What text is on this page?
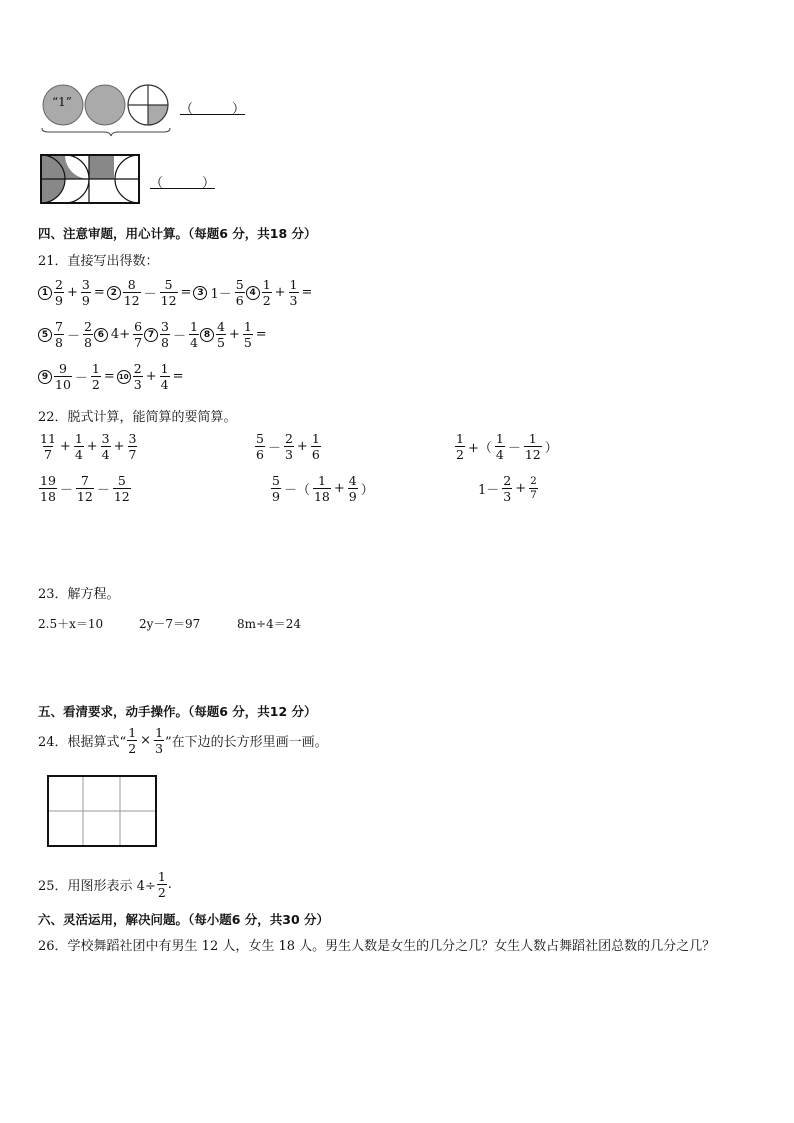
“1”	（　　　）
（　　　）
四、注意审题，用心计算。（每题6 分，共18 分）
21．直接写出得数：
$1 \frac{2}{9} + \frac{3}{9} = 2 \frac{8}{12} - \frac{5}{12} = 3$ $1- \frac{5}{6} 4 \frac{1}{2} + \frac{1}{3}$ =
$5 \frac{7}{8} - \frac{2}{8} 6$ $4+ \frac{6}{7} 7 \frac{3}{8} - \frac{1}{4} 8 \frac{4}{5} + \frac{1}{5}$ =
$9 \frac{9}{10} - \frac{1}{2} = 10 \frac{2}{3} + \frac{1}{4}$ =
22．脱式计算，能简算的要简算。
$\frac{11}{7} + \frac{1}{4} + \frac{3}{4} + \frac{3}{7}$	$\frac{5}{6} - \frac{2}{3} + \frac{1}{6}$	$\frac{1}{2}$ +（ $\frac{1}{4} - \frac{1}{12}$ ）
$\frac{19}{18} - \frac{7}{12} - \frac{5}{12}$	$\frac{5}{9}$ －（ $\frac{1}{18} + \frac{4}{9}$ ）	$1- \frac{2}{3} + \frac{2}{7}$
23．解方程。
2.5＋x＝10	2y－7＝97	8m÷4＝24
五、看清要求，动手操作。（每题6 分，共12 分）
24．根据算式“ $\frac{1}{2} \times \frac{1}{3}$ ”在下边的长方形里画一画。
25．用图形表示 $4\div \frac{1}{2}$ .
六、灵活运用，解决问题。（每小题6 分，共30 分）
26．学校舞蹈社团中有男生 12 人，女生 18 人。男生人数是女生的几分之几？女生人数占舞蹈社团总数的几分之几？
